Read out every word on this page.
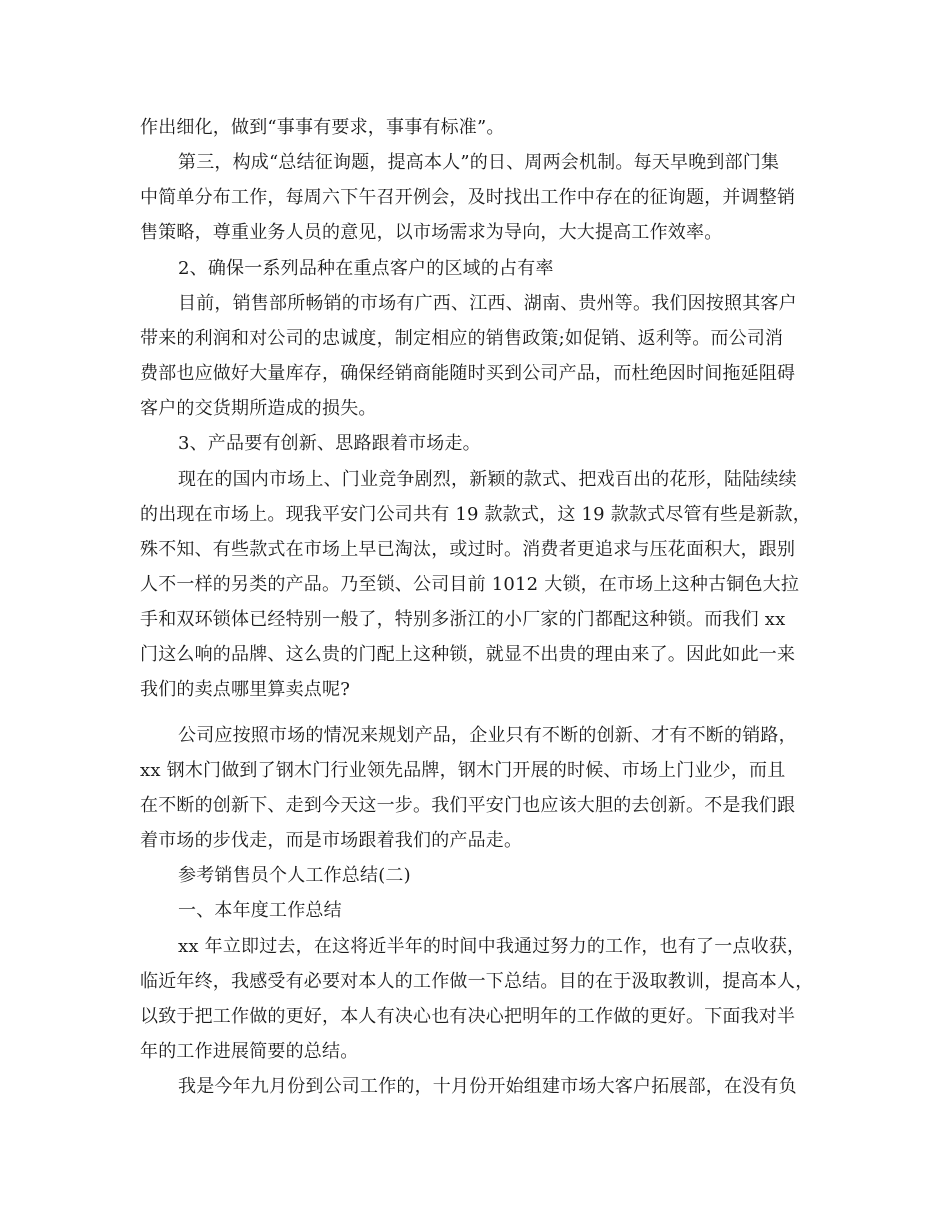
作出细化，做到“事事有要求，事事有标准”。
第三，构成“总结征询题，提高本人”的日、周两会机制。每天早晚到部门集
中简单分布工作，每周六下午召开例会，及时找出工作中存在的征询题，并调整销
售策略，尊重业务人员的意见，以市场需求为导向，大大提高工作效率。
2、确保一系列品种在重点客户的区域的占有率
目前，销售部所畅销的市场有广西、江西、湖南、贵州等。我们因按照其客户
带来的利润和对公司的忠诚度，制定相应的销售政策;如促销、返利等。而公司消
费部也应做好大量库存，确保经销商能随时买到公司产品，而杜绝因时间拖延阻碍
客户的交货期所造成的损失。
3、产品要有创新、思路跟着市场走。
现在的国内市场上、门业竞争剧烈，新颖的款式、把戏百出的花形，陆陆续续
的出现在市场上。现我平安门公司共有 19 款款式，这 19 款款式尽管有些是新款，
殊不知、有些款式在市场上早已淘汰，或过时。消费者更追求与压花面积大，跟别
人不一样的另类的产品。乃至锁、公司目前 1012 大锁，在市场上这种古铜色大拉
手和双环锁体已经特别一般了，特别多浙江的小厂家的门都配这种锁。而我们 xx
门这么响的品牌、这么贵的门配上这种锁，就显不出贵的理由来了。因此如此一来
我们的卖点哪里算卖点呢?
公司应按照市场的情况来规划产品，企业只有不断的创新、才有不断的销路，
xx 钢木门做到了钢木门行业领先品牌，钢木门开展的时候、市场上门业少，而且
在不断的创新下、走到今天这一步。我们平安门也应该大胆的去创新。不是我们跟
着市场的步伐走，而是市场跟着我们的产品走。
参考销售员个人工作总结(二)
一、本年度工作总结
xx 年立即过去，在这将近半年的时间中我通过努力的工作，也有了一点收获，
临近年终，我感受有必要对本人的工作做一下总结。目的在于汲取教训，提高本人，
以致于把工作做的更好，本人有决心也有决心把明年的工作做的更好。下面我对半
年的工作进展简要的总结。
我是今年九月份到公司工作的，十月份开始组建市场大客户拓展部，在没有负
